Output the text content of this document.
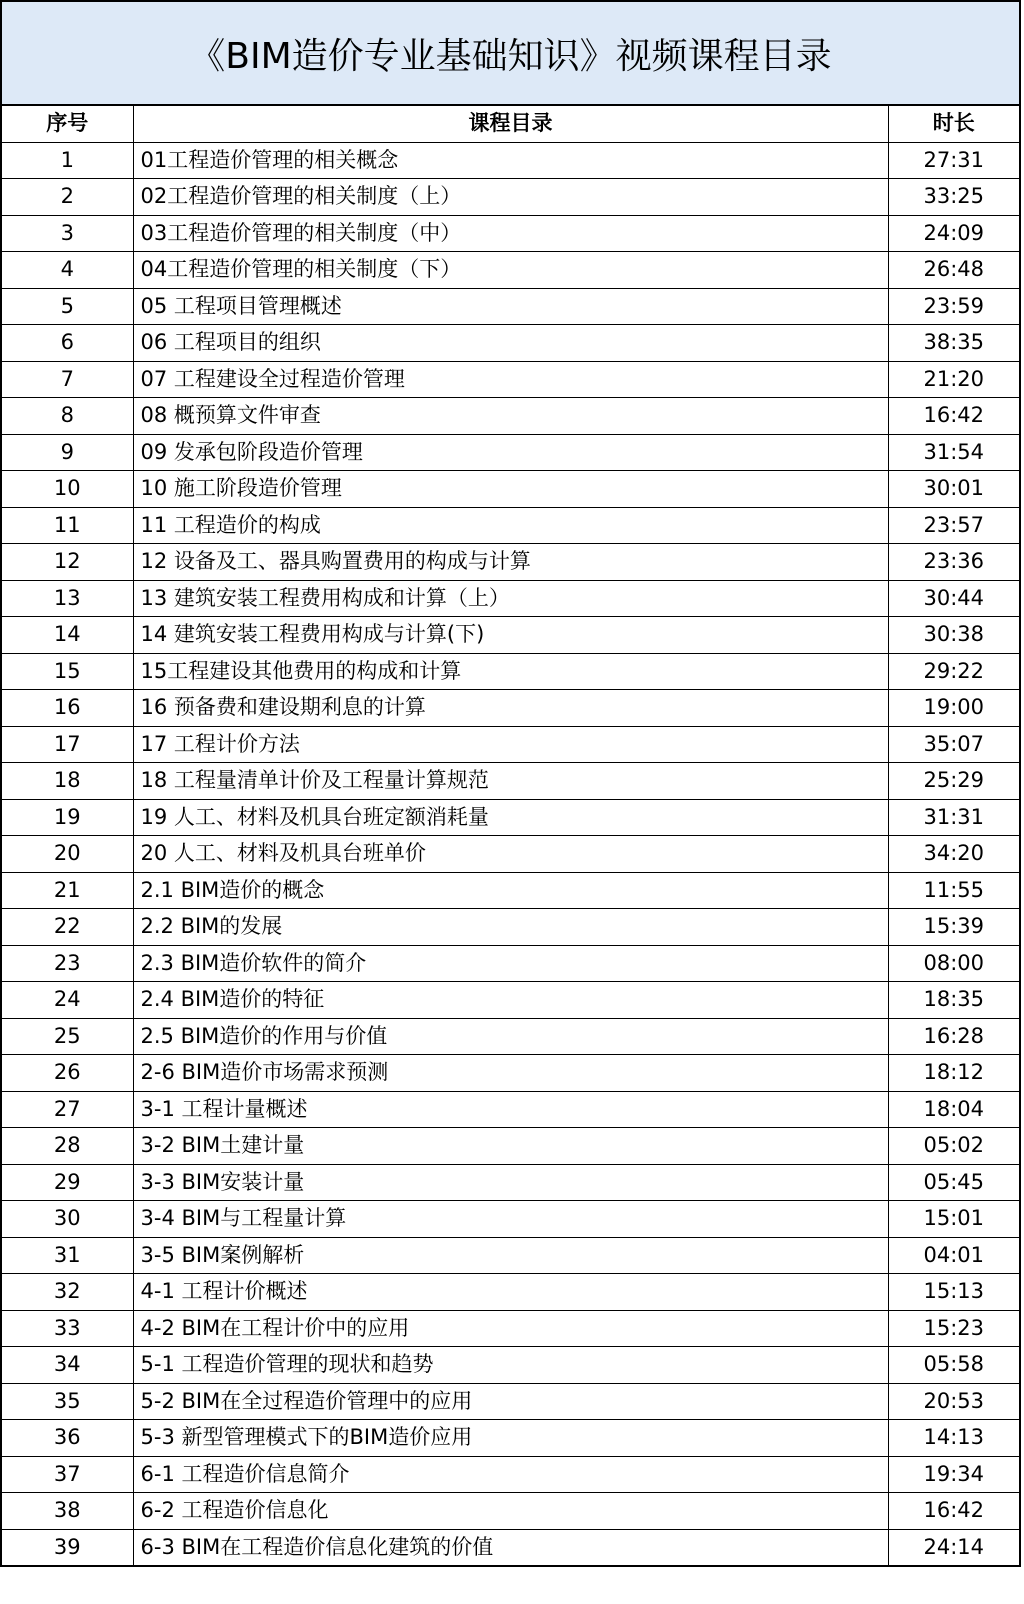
《BIM造价专业基础知识》视频课程目录
序号	课程目录	时长
1	01工程造价管理的相关概念	27:31
2	02工程造价管理的相关制度（上）	33:25
3	03工程造价管理的相关制度（中）	24:09
4	04工程造价管理的相关制度（下）	26:48
5	05 工程项目管理概述	23:59
6	06 工程项目的组织	38:35
7	07 工程建设全过程造价管理	21:20
8	08 概预算文件审查	16:42
9	09 发承包阶段造价管理	31:54
10	10 施工阶段造价管理	30:01
11	11 工程造价的构成	23:57
12	12 设备及工、器具购置费用的构成与计算	23:36
13	13 建筑安装工程费用构成和计算（上）	30:44
14	14 建筑安装工程费用构成与计算(下)	30:38
15	15工程建设其他费用的构成和计算	29:22
16	16 预备费和建设期利息的计算	19:00
17	17 工程计价方法	35:07
18	18 工程量清单计价及工程量计算规范	25:29
19	19 人工、材料及机具台班定额消耗量	31:31
20	20 人工、材料及机具台班单价	34:20
21	2.1 BIM造价的概念	11:55
22	2.2 BIM的发展	15:39
23	2.3 BIM造价软件的简介	08:00
24	2.4 BIM造价的特征	18:35
25	2.5 BIM造价的作用与价值	16:28
26	2-6 BIM造价市场需求预测	18:12
27	3-1 工程计量概述	18:04
28	3-2 BIM土建计量	05:02
29	3-3 BIM安装计量	05:45
30	3-4 BIM与工程量计算	15:01
31	3-5 BIM案例解析	04:01
32	4-1 工程计价概述	15:13
33	4-2 BIM在工程计价中的应用	15:23
34	5-1 工程造价管理的现状和趋势	05:58
35	5-2 BIM在全过程造价管理中的应用	20:53
36	5-3 新型管理模式下的BIM造价应用	14:13
37	6-1 工程造价信息简介	19:34
38	6-2 工程造价信息化	16:42
39	6-3 BIM在工程造价信息化建筑的价值	24:14
